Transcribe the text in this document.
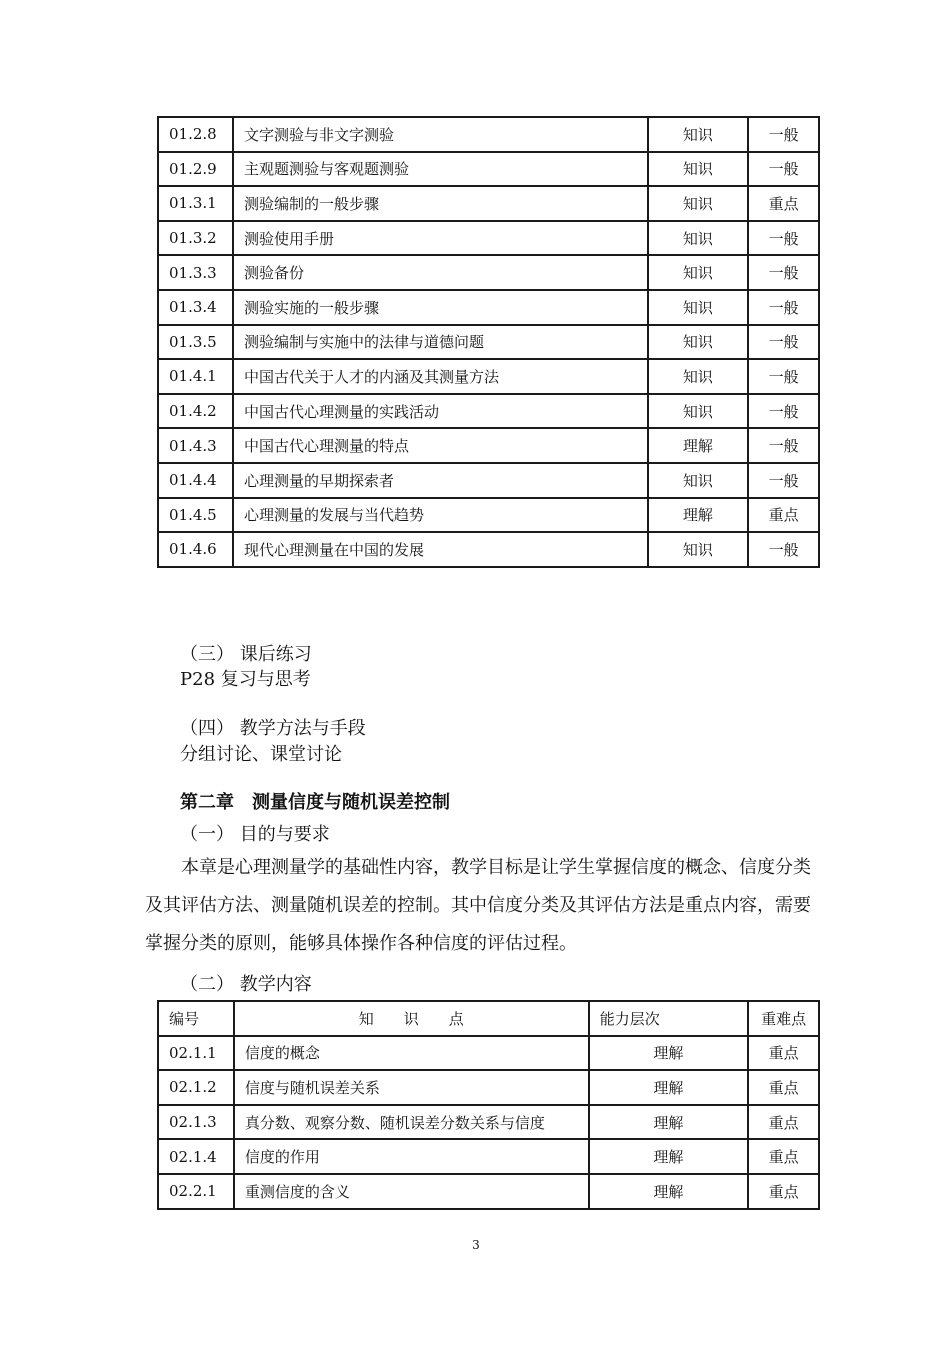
01.2.8	文字测验与非文字测验	知识	一般
01.2.9	主观题测验与客观题测验	知识	一般
01.3.1	测验编制的一般步骤	知识	重点
01.3.2	测验使用手册	知识	一般
01.3.3	测验备份	知识	一般
01.3.4	测验实施的一般步骤	知识	一般
01.3.5	测验编制与实施中的法律与道德问题	知识	一般
01.4.1	中国古代关于人才的内涵及其测量方法	知识	一般
01.4.2	中国古代心理测量的实践活动	知识	一般
01.4.3	中国古代心理测量的特点	理解	一般
01.4.4	心理测量的早期探索者	知识	一般
01.4.5	心理测量的发展与当代趋势	理解	重点
01.4.6	现代心理测量在中国的发展	知识	一般
（三） 课后练习
P28 复习与思考
（四） 教学方法与手段
分组讨论、课堂讨论
第二章　测量信度与随机误差控制
（一） 目的与要求
本章是心理测量学的基础性内容，教学目标是让学生掌握信度的概念、信度分类及其评估方法、测量随机误差的控制。其中信度分类及其评估方法是重点内容，需要掌握分类的原则，能够具体操作各种信度的评估过程。
（二） 教学内容
编号	知　　识　　点	能力层次	重难点
02.1.1	信度的概念	理解	重点
02.1.2	信度与随机误差关系	理解	重点
02.1.3	真分数、观察分数、随机误差分数关系与信度	理解	重点
02.1.4	信度的作用	理解	重点
02.2.1	重测信度的含义	理解	重点
3
